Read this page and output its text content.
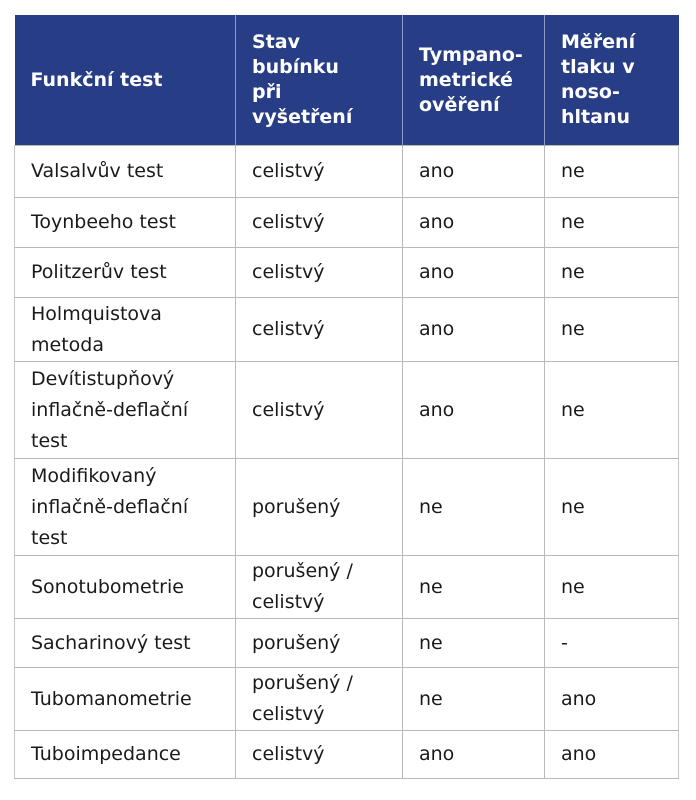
Funkční test	Stav bubínku při vyšetření	Tympano-metrické ověření	Měření tlaku v noso-hltanu

Valsalvův test	celistvý	ano	ne
Toynbeeho test	celistvý	ano	ne
Politzerův test	celistvý	ano	ne
Holmquistova metoda	celistvý	ano	ne
Devítistupňový inflačně-deflační test	celistvý	ano	ne
Modifikovaný inflačně-deflační test	porušený	ne	ne
Sonotubometrie	porušený / celistvý	ne	ne
Sacharinový test	porušený	ne	-
Tubomanometrie	porušený / celistvý	ne	ano
Tuboimpedance	celistvý	ano	ano
